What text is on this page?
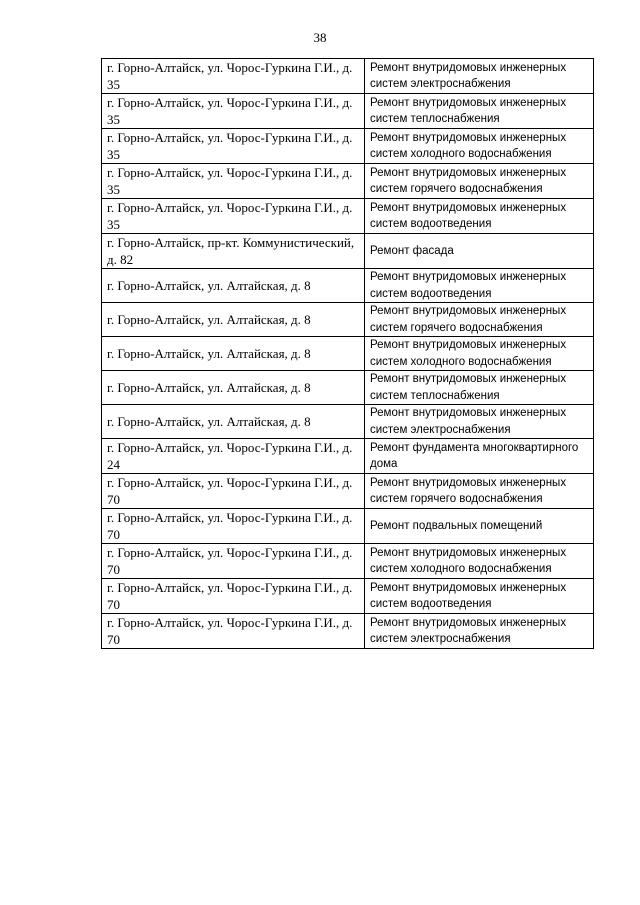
38
г. Горно-Алтайск, ул. Чорос-Гуркина Г.И., д. 35	Ремонт внутридомовых инженерных систем электроснабжения
г. Горно-Алтайск, ул. Чорос-Гуркина Г.И., д. 35	Ремонт внутридомовых инженерных систем теплоснабжения
г. Горно-Алтайск, ул. Чорос-Гуркина Г.И., д. 35	Ремонт внутридомовых инженерных систем холодного водоснабжения
г. Горно-Алтайск, ул. Чорос-Гуркина Г.И., д. 35	Ремонт внутридомовых инженерных систем горячего водоснабжения
г. Горно-Алтайск, ул. Чорос-Гуркина Г.И., д. 35	Ремонт внутридомовых инженерных систем водоотведения
г. Горно-Алтайск, пр-кт. Коммунистический, д. 82	Ремонт фасада
г. Горно-Алтайск, ул. Алтайская, д. 8	Ремонт внутридомовых инженерных систем водоотведения
г. Горно-Алтайск, ул. Алтайская, д. 8	Ремонт внутридомовых инженерных систем горячего водоснабжения
г. Горно-Алтайск, ул. Алтайская, д. 8	Ремонт внутридомовых инженерных систем холодного водоснабжения
г. Горно-Алтайск, ул. Алтайская, д. 8	Ремонт внутридомовых инженерных систем теплоснабжения
г. Горно-Алтайск, ул. Алтайская, д. 8	Ремонт внутридомовых инженерных систем электроснабжения
г. Горно-Алтайск, ул. Чорос-Гуркина Г.И., д. 24	Ремонт фундамента многоквартирного дома
г. Горно-Алтайск, ул. Чорос-Гуркина Г.И., д. 70	Ремонт внутридомовых инженерных систем горячего водоснабжения
г. Горно-Алтайск, ул. Чорос-Гуркина Г.И., д. 70	Ремонт подвальных помещений
г. Горно-Алтайск, ул. Чорос-Гуркина Г.И., д. 70	Ремонт внутридомовых инженерных систем холодного водоснабжения
г. Горно-Алтайск, ул. Чорос-Гуркина Г.И., д. 70	Ремонт внутридомовых инженерных систем водоотведения
г. Горно-Алтайск, ул. Чорос-Гуркина Г.И., д. 70	Ремонт внутридомовых инженерных систем электроснабжения
